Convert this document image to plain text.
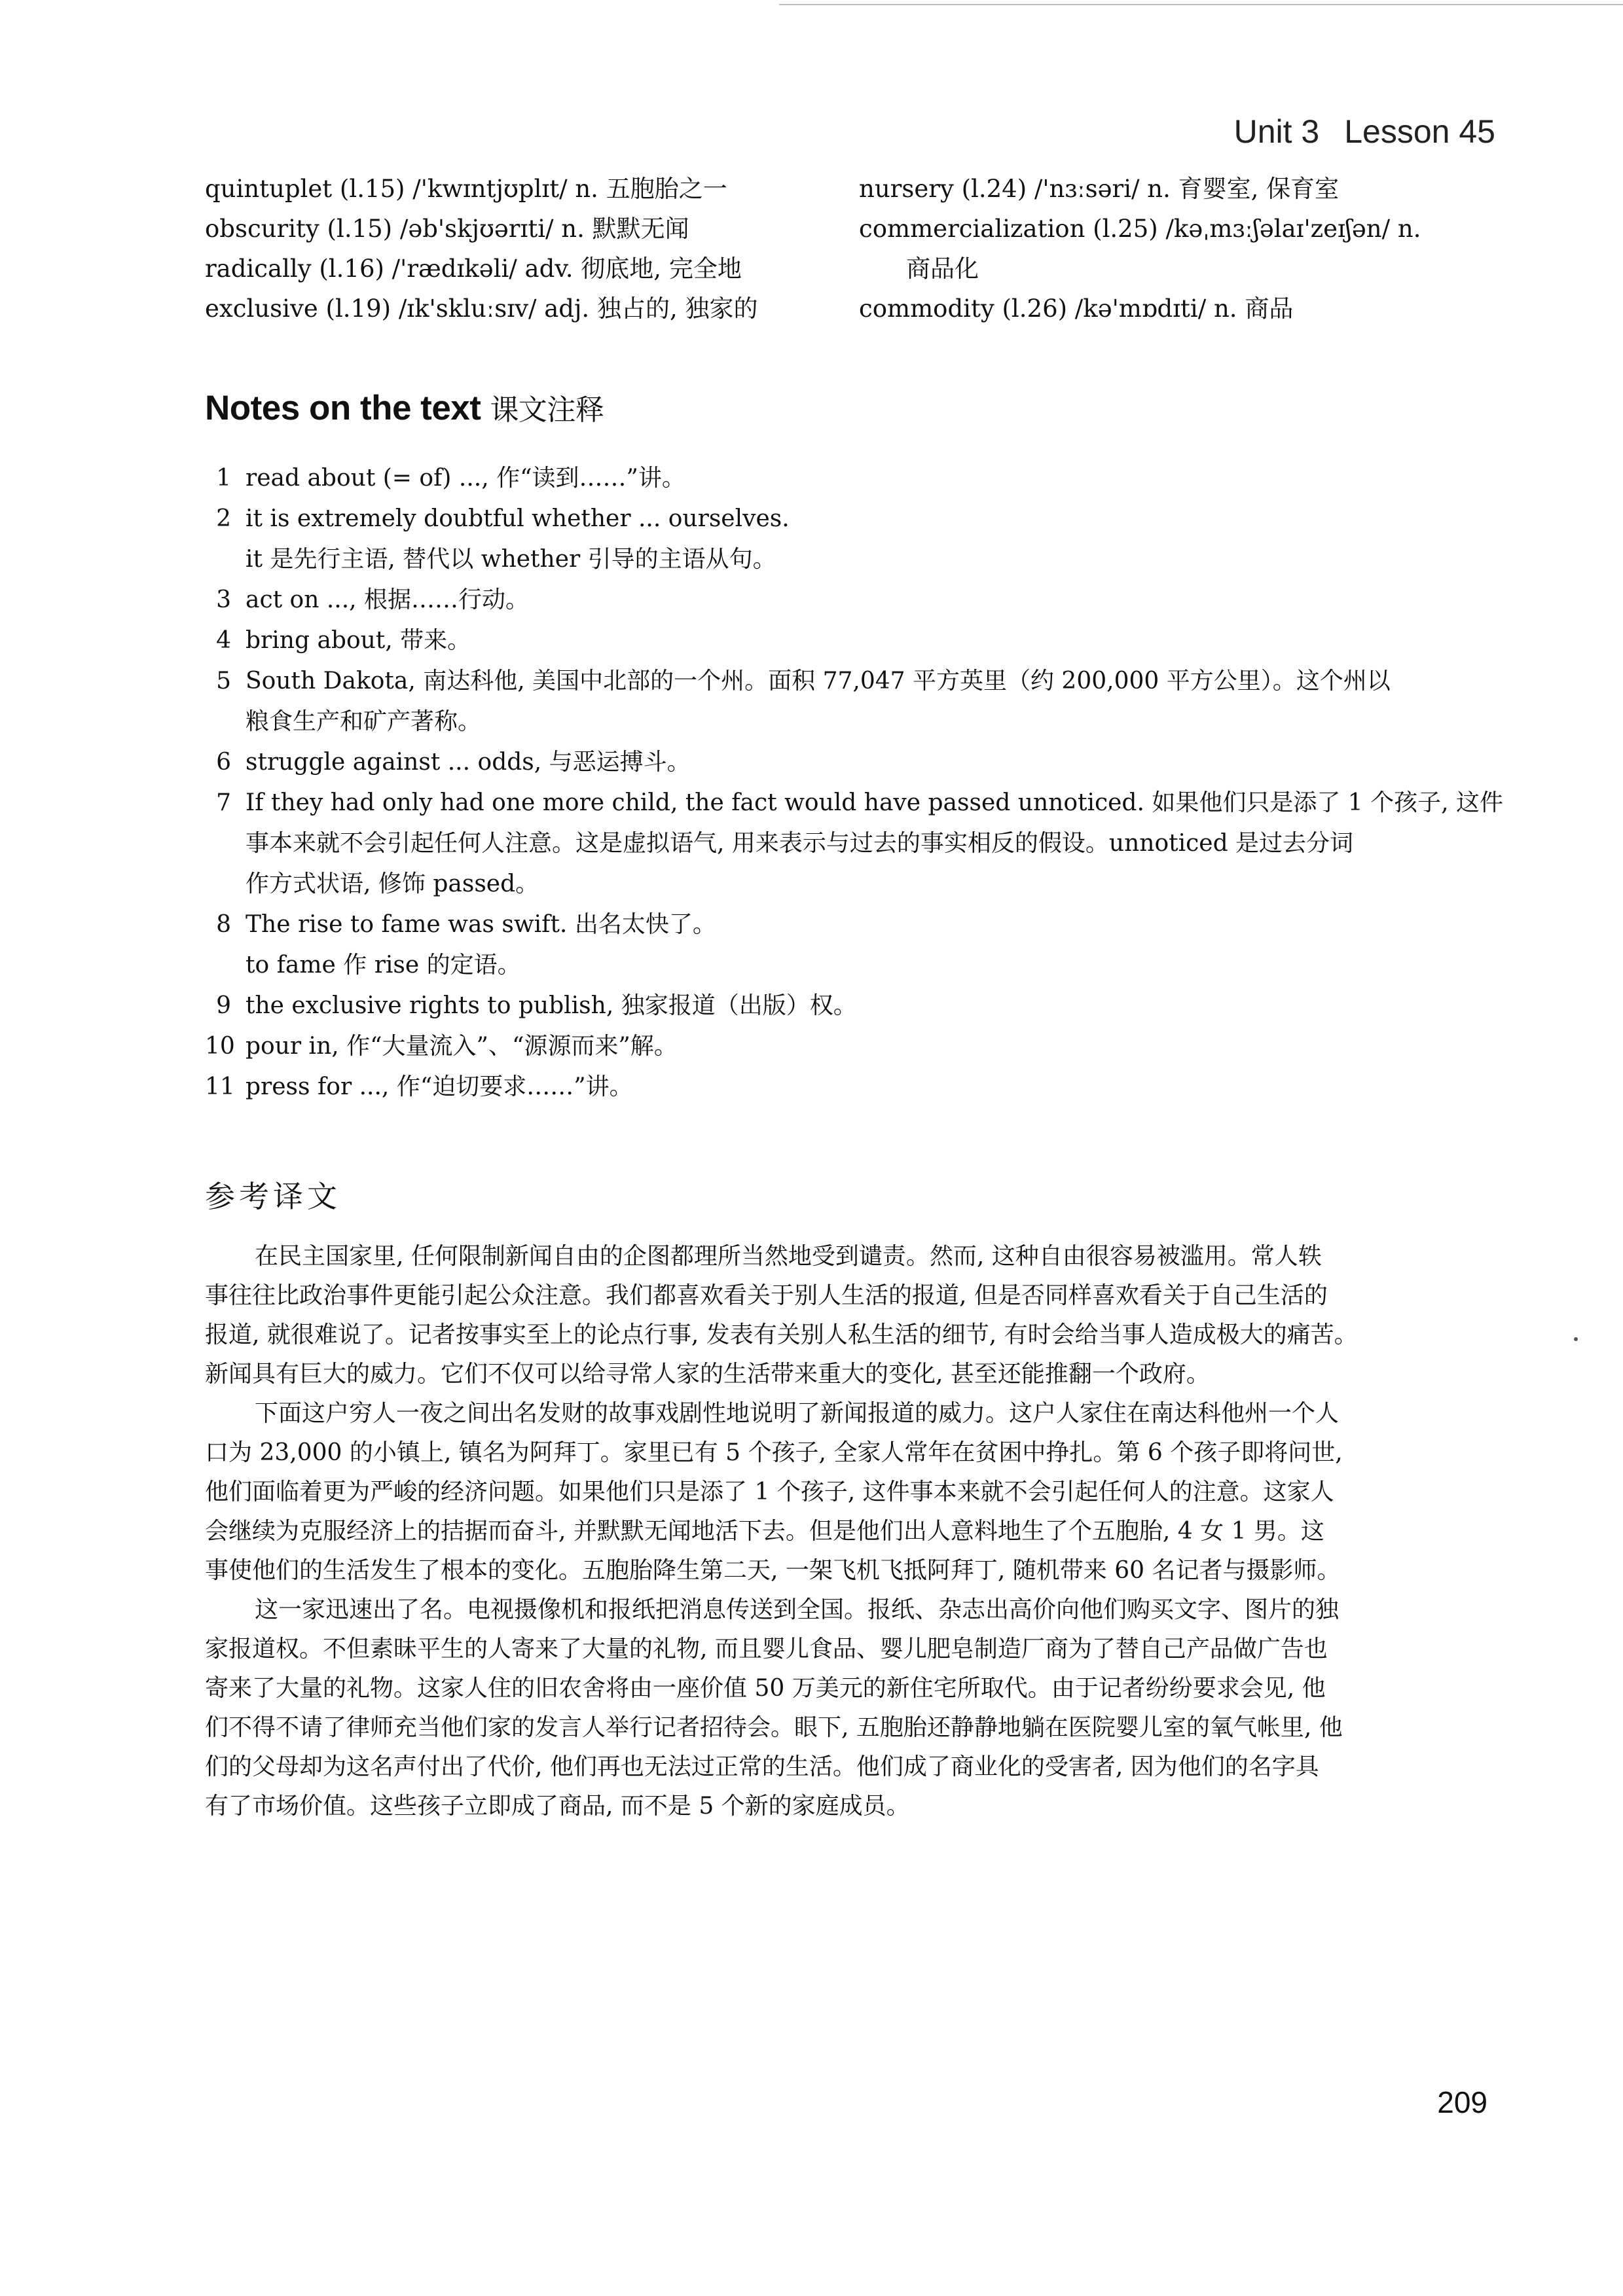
Unit 3 Lesson 45
quintuplet (l.15) /'kwɪntjʊplɪt/ n. 五胞胎之一
obscurity (l.15) /əb'skjʊərɪti/ n. 默默无闻
radically (l.16) /'rædɪkəli/ adv. 彻底地, 完全地
exclusive (l.19) /ɪk'skluːsɪv/ adj. 独占的, 独家的
nursery (l.24) /'nɜːsəri/ n. 育婴室, 保育室
commercialization (l.25) /kəˌmɜːʃəlaɪ'zeɪʃən/ n.
商品化
commodity (l.26) /kə'mɒdɪti/ n. 商品
Notes on the text 课文注释
1 read about (= of) ..., 作“读到……”讲。
2 it is extremely doubtful whether ... ourselves.
it 是先行主语, 替代以 whether 引导的主语从句。
3 act on ..., 根据……行动。
4 bring about, 带来。
5 South Dakota, 南达科他, 美国中北部的一个州。面积 77,047 平方英里（约 200,000 平方公里）。这个州以
粮食生产和矿产著称。
6 struggle against ... odds, 与恶运搏斗。
7 If they had only had one more child, the fact would have passed unnoticed. 如果他们只是添了 1 个孩子, 这件
事本来就不会引起任何人注意。这是虚拟语气, 用来表示与过去的事实相反的假设。unnoticed 是过去分词
作方式状语, 修饰 passed。
8 The rise to fame was swift. 出名太快了。
to fame 作 rise 的定语。
9 the exclusive rights to publish, 独家报道（出版）权。
10 pour in, 作“大量流入”、“源源而来”解。
11 press for ..., 作“迫切要求……”讲。
参考译文
在民主国家里, 任何限制新闻自由的企图都理所当然地受到谴责。然而, 这种自由很容易被滥用。常人轶
事往往比政治事件更能引起公众注意。我们都喜欢看关于别人生活的报道, 但是否同样喜欢看关于自己生活的
报道, 就很难说了。记者按事实至上的论点行事, 发表有关别人私生活的细节, 有时会给当事人造成极大的痛苦。
新闻具有巨大的威力。它们不仅可以给寻常人家的生活带来重大的变化, 甚至还能推翻一个政府。
下面这户穷人一夜之间出名发财的故事戏剧性地说明了新闻报道的威力。这户人家住在南达科他州一个人
口为 23,000 的小镇上, 镇名为阿拜丁。家里已有 5 个孩子, 全家人常年在贫困中挣扎。第 6 个孩子即将问世,
他们面临着更为严峻的经济问题。如果他们只是添了 1 个孩子, 这件事本来就不会引起任何人的注意。这家人
会继续为克服经济上的拮据而奋斗, 并默默无闻地活下去。但是他们出人意料地生了个五胞胎, 4 女 1 男。这
事使他们的生活发生了根本的变化。五胞胎降生第二天, 一架飞机飞抵阿拜丁, 随机带来 60 名记者与摄影师。
这一家迅速出了名。电视摄像机和报纸把消息传送到全国。报纸、杂志出高价向他们购买文字、图片的独
家报道权。不但素昧平生的人寄来了大量的礼物, 而且婴儿食品、婴儿肥皂制造厂商为了替自己产品做广告也
寄来了大量的礼物。这家人住的旧农舍将由一座价值 50 万美元的新住宅所取代。由于记者纷纷要求会见, 他
们不得不请了律师充当他们家的发言人举行记者招待会。眼下, 五胞胎还静静地躺在医院婴儿室的氧气帐里, 他
们的父母却为这名声付出了代价, 他们再也无法过正常的生活。他们成了商业化的受害者, 因为他们的名字具
有了市场价值。这些孩子立即成了商品, 而不是 5 个新的家庭成员。
209
